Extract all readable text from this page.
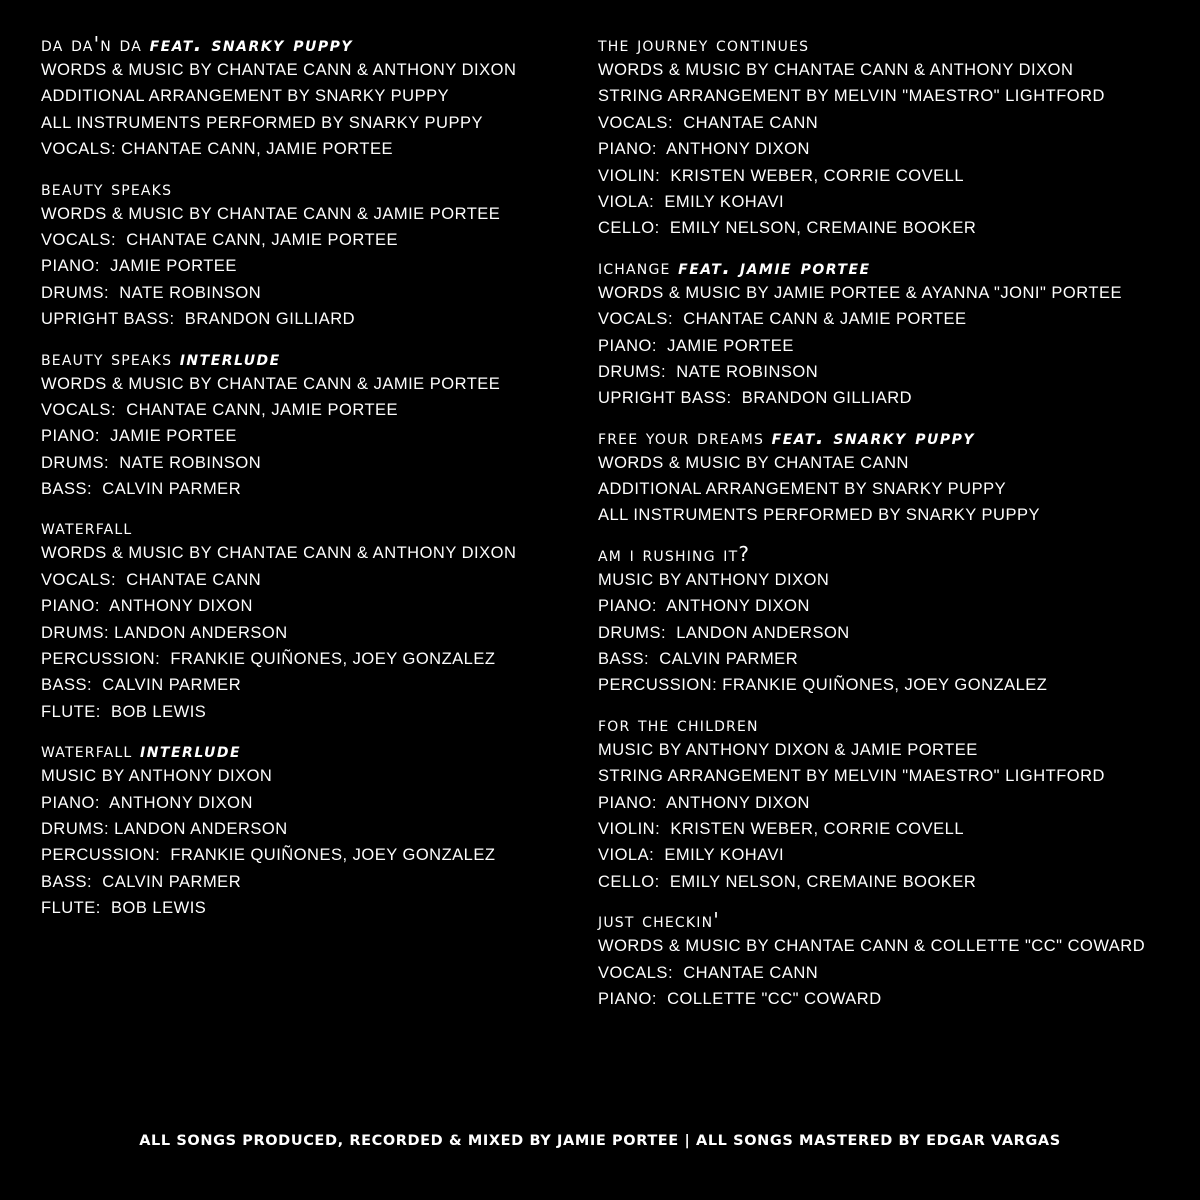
da da'n da feat. snarky puppy
WORDS & MUSIC BY CHANTAE CANN & ANTHONY DIXON
ADDITIONAL ARRANGEMENT BY SNARKY PUPPY
ALL INSTRUMENTS PERFORMED BY SNARKY PUPPY
VOCALS: CHANTAE CANN, JAMIE PORTEE
beauty speaks
WORDS & MUSIC BY CHANTAE CANN & JAMIE PORTEE
VOCALS:  CHANTAE CANN, JAMIE PORTEE
PIANO:  JAMIE PORTEE
DRUMS:  NATE ROBINSON
UPRIGHT BASS:  BRANDON GILLIARD
beauty speaks interlude
WORDS & MUSIC BY CHANTAE CANN & JAMIE PORTEE
VOCALS:  CHANTAE CANN, JAMIE PORTEE
PIANO:  JAMIE PORTEE
DRUMS:  NATE ROBINSON
BASS:  CALVIN PARMER
waterfall
WORDS & MUSIC BY CHANTAE CANN & ANTHONY DIXON
VOCALS:  CHANTAE CANN
PIANO:  ANTHONY DIXON
DRUMS: LANDON ANDERSON
PERCUSSION:  FRANKIE QUIÑONES, JOEY GONZALEZ
BASS:  CALVIN PARMER
FLUTE:  BOB LEWIS
waterfall interlude
MUSIC BY ANTHONY DIXON
PIANO:  ANTHONY DIXON
DRUMS: LANDON ANDERSON
PERCUSSION:  FRANKIE QUIÑONES, JOEY GONZALEZ
BASS:  CALVIN PARMER
FLUTE:  BOB LEWIS
the journey continues
WORDS & MUSIC BY CHANTAE CANN & ANTHONY DIXON
STRING ARRANGEMENT BY MELVIN "MAESTRO" LIGHTFORD
VOCALS:  CHANTAE CANN
PIANO:  ANTHONY DIXON
VIOLIN:  KRISTEN WEBER, CORRIE COVELL
VIOLA:  EMILY KOHAVI
CELLO:  EMILY NELSON, CREMAINE BOOKER
ichange feat. jamie portee
WORDS & MUSIC BY JAMIE PORTEE & AYANNA "JONI" PORTEE
VOCALS:  CHANTAE CANN & JAMIE PORTEE
PIANO:  JAMIE PORTEE
DRUMS:  NATE ROBINSON
UPRIGHT BASS:  BRANDON GILLIARD
free your dreams feat. snarky puppy
WORDS & MUSIC BY CHANTAE CANN
ADDITIONAL ARRANGEMENT BY SNARKY PUPPY
ALL INSTRUMENTS PERFORMED BY SNARKY PUPPY
am i rushing it?
MUSIC BY ANTHONY DIXON
PIANO:  ANTHONY DIXON
DRUMS:  LANDON ANDERSON
BASS:  CALVIN PARMER
PERCUSSION: FRANKIE QUIÑONES, JOEY GONZALEZ
for the children
MUSIC BY ANTHONY DIXON & JAMIE PORTEE
STRING ARRANGEMENT BY MELVIN "MAESTRO" LIGHTFORD
PIANO:  ANTHONY DIXON
VIOLIN:  KRISTEN WEBER, CORRIE COVELL
VIOLA:  EMILY KOHAVI
CELLO:  EMILY NELSON, CREMAINE BOOKER
just checkin'
WORDS & MUSIC BY CHANTAE CANN & COLLETTE "CC" COWARD
VOCALS:  CHANTAE CANN
PIANO:  COLLETTE "CC" COWARD
ALL SONGS PRODUCED, RECORDED & MIXED BY JAMIE PORTEE | ALL SONGS MASTERED BY EDGAR VARGAS
